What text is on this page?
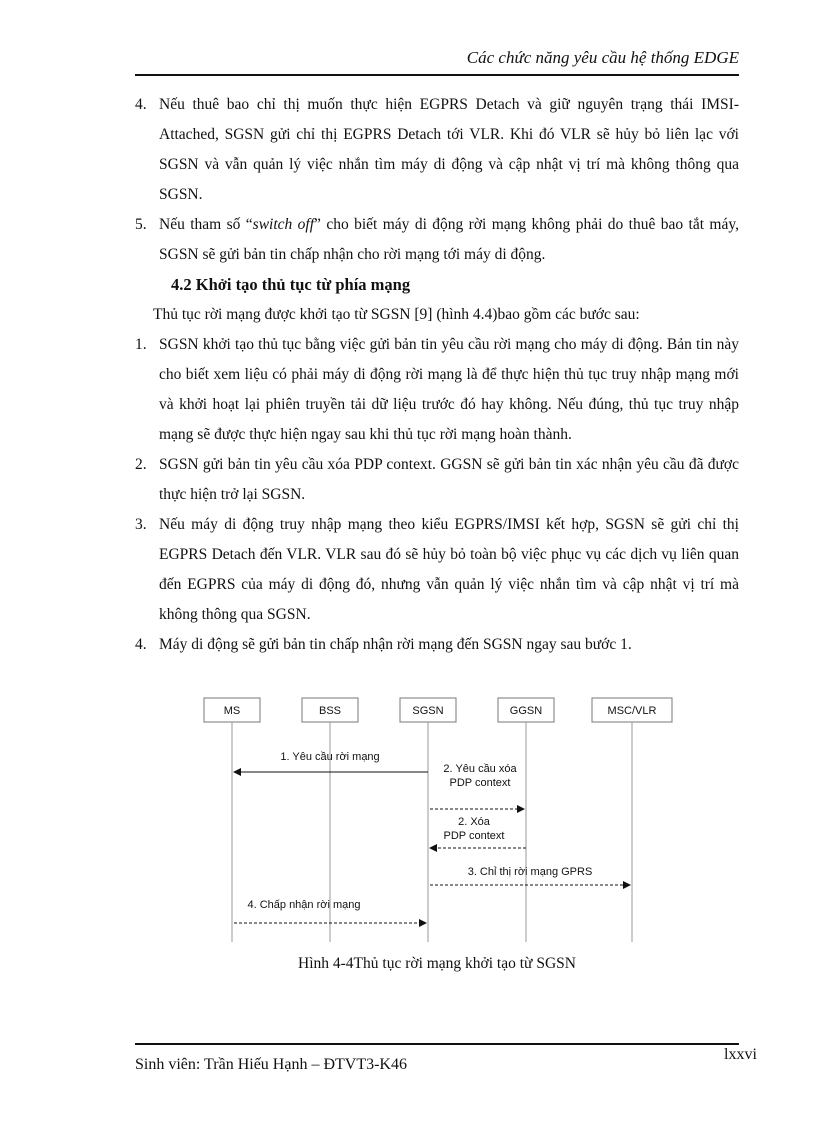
Các chức năng yêu cầu hệ thống EDGE
4. Nếu thuê bao chỉ thị muốn thực hiện EGPRS Detach và giữ nguyên trạng thái IMSI-Attached, SGSN gửi chỉ thị EGPRS Detach tới VLR. Khi đó VLR sẽ hủy bỏ liên lạc với SGSN và vẫn quản lý việc nhắn tìm máy di động và cập nhật vị trí mà không thông qua SGSN.
5. Nếu tham số “switch off” cho biết máy di động rời mạng không phải do thuê bao tắt máy, SGSN sẽ gửi bản tin chấp nhận cho rời mạng tới máy di động.
4.2 Khởi tạo thủ tục từ phía mạng
Thủ tục rời mạng được khởi tạo từ SGSN [9] (hình 4.4)bao gồm các bước sau:
1. SGSN khởi tạo thủ tục bằng việc gửi bản tin yêu cầu rời mạng cho máy di động. Bản tin này cho biết xem liệu có phải máy di động rời mạng là để thực hiện thủ tục truy nhập mạng mới và khởi hoạt lại phiên truyền tải dữ liệu trước đó hay không. Nếu đúng, thủ tục truy nhập mạng sẽ được thực hiện ngay sau khi thủ tục rời mạng hoàn thành.
2. SGSN gửi bản tin yêu cầu xóa PDP context. GGSN sẽ gửi bản tin xác nhận yêu cầu đã được thực hiện trở lại SGSN.
3. Nếu máy di động truy nhập mạng theo kiểu EGPRS/IMSI kết hợp, SGSN sẽ gửi chỉ thị EGPRS Detach đến VLR. VLR sau đó sẽ hủy bỏ toàn bộ việc phục vụ các dịch vụ liên quan đến EGPRS của máy di động đó, nhưng vẫn quản lý việc nhắn tìm và cập nhật vị trí mà không thông qua SGSN.
4. Máy di động sẽ gửi bản tin chấp nhận rời mạng đến SGSN ngay sau bước 1.
MS	BSS	SGSN	GGSN	MSC/VLR
1. Yêu cầu rời mạng
2. Yêu cầu xóa
PDP context
2. Xóa
PDP context
3. Chỉ thị rời mạng GPRS
4. Chấp nhận rời mạng
Hình 4-4Thủ tục rời mạng khởi tạo từ SGSN
Sinh viên: Trần Hiếu Hạnh – ĐTVT3-K46
lxxvi
